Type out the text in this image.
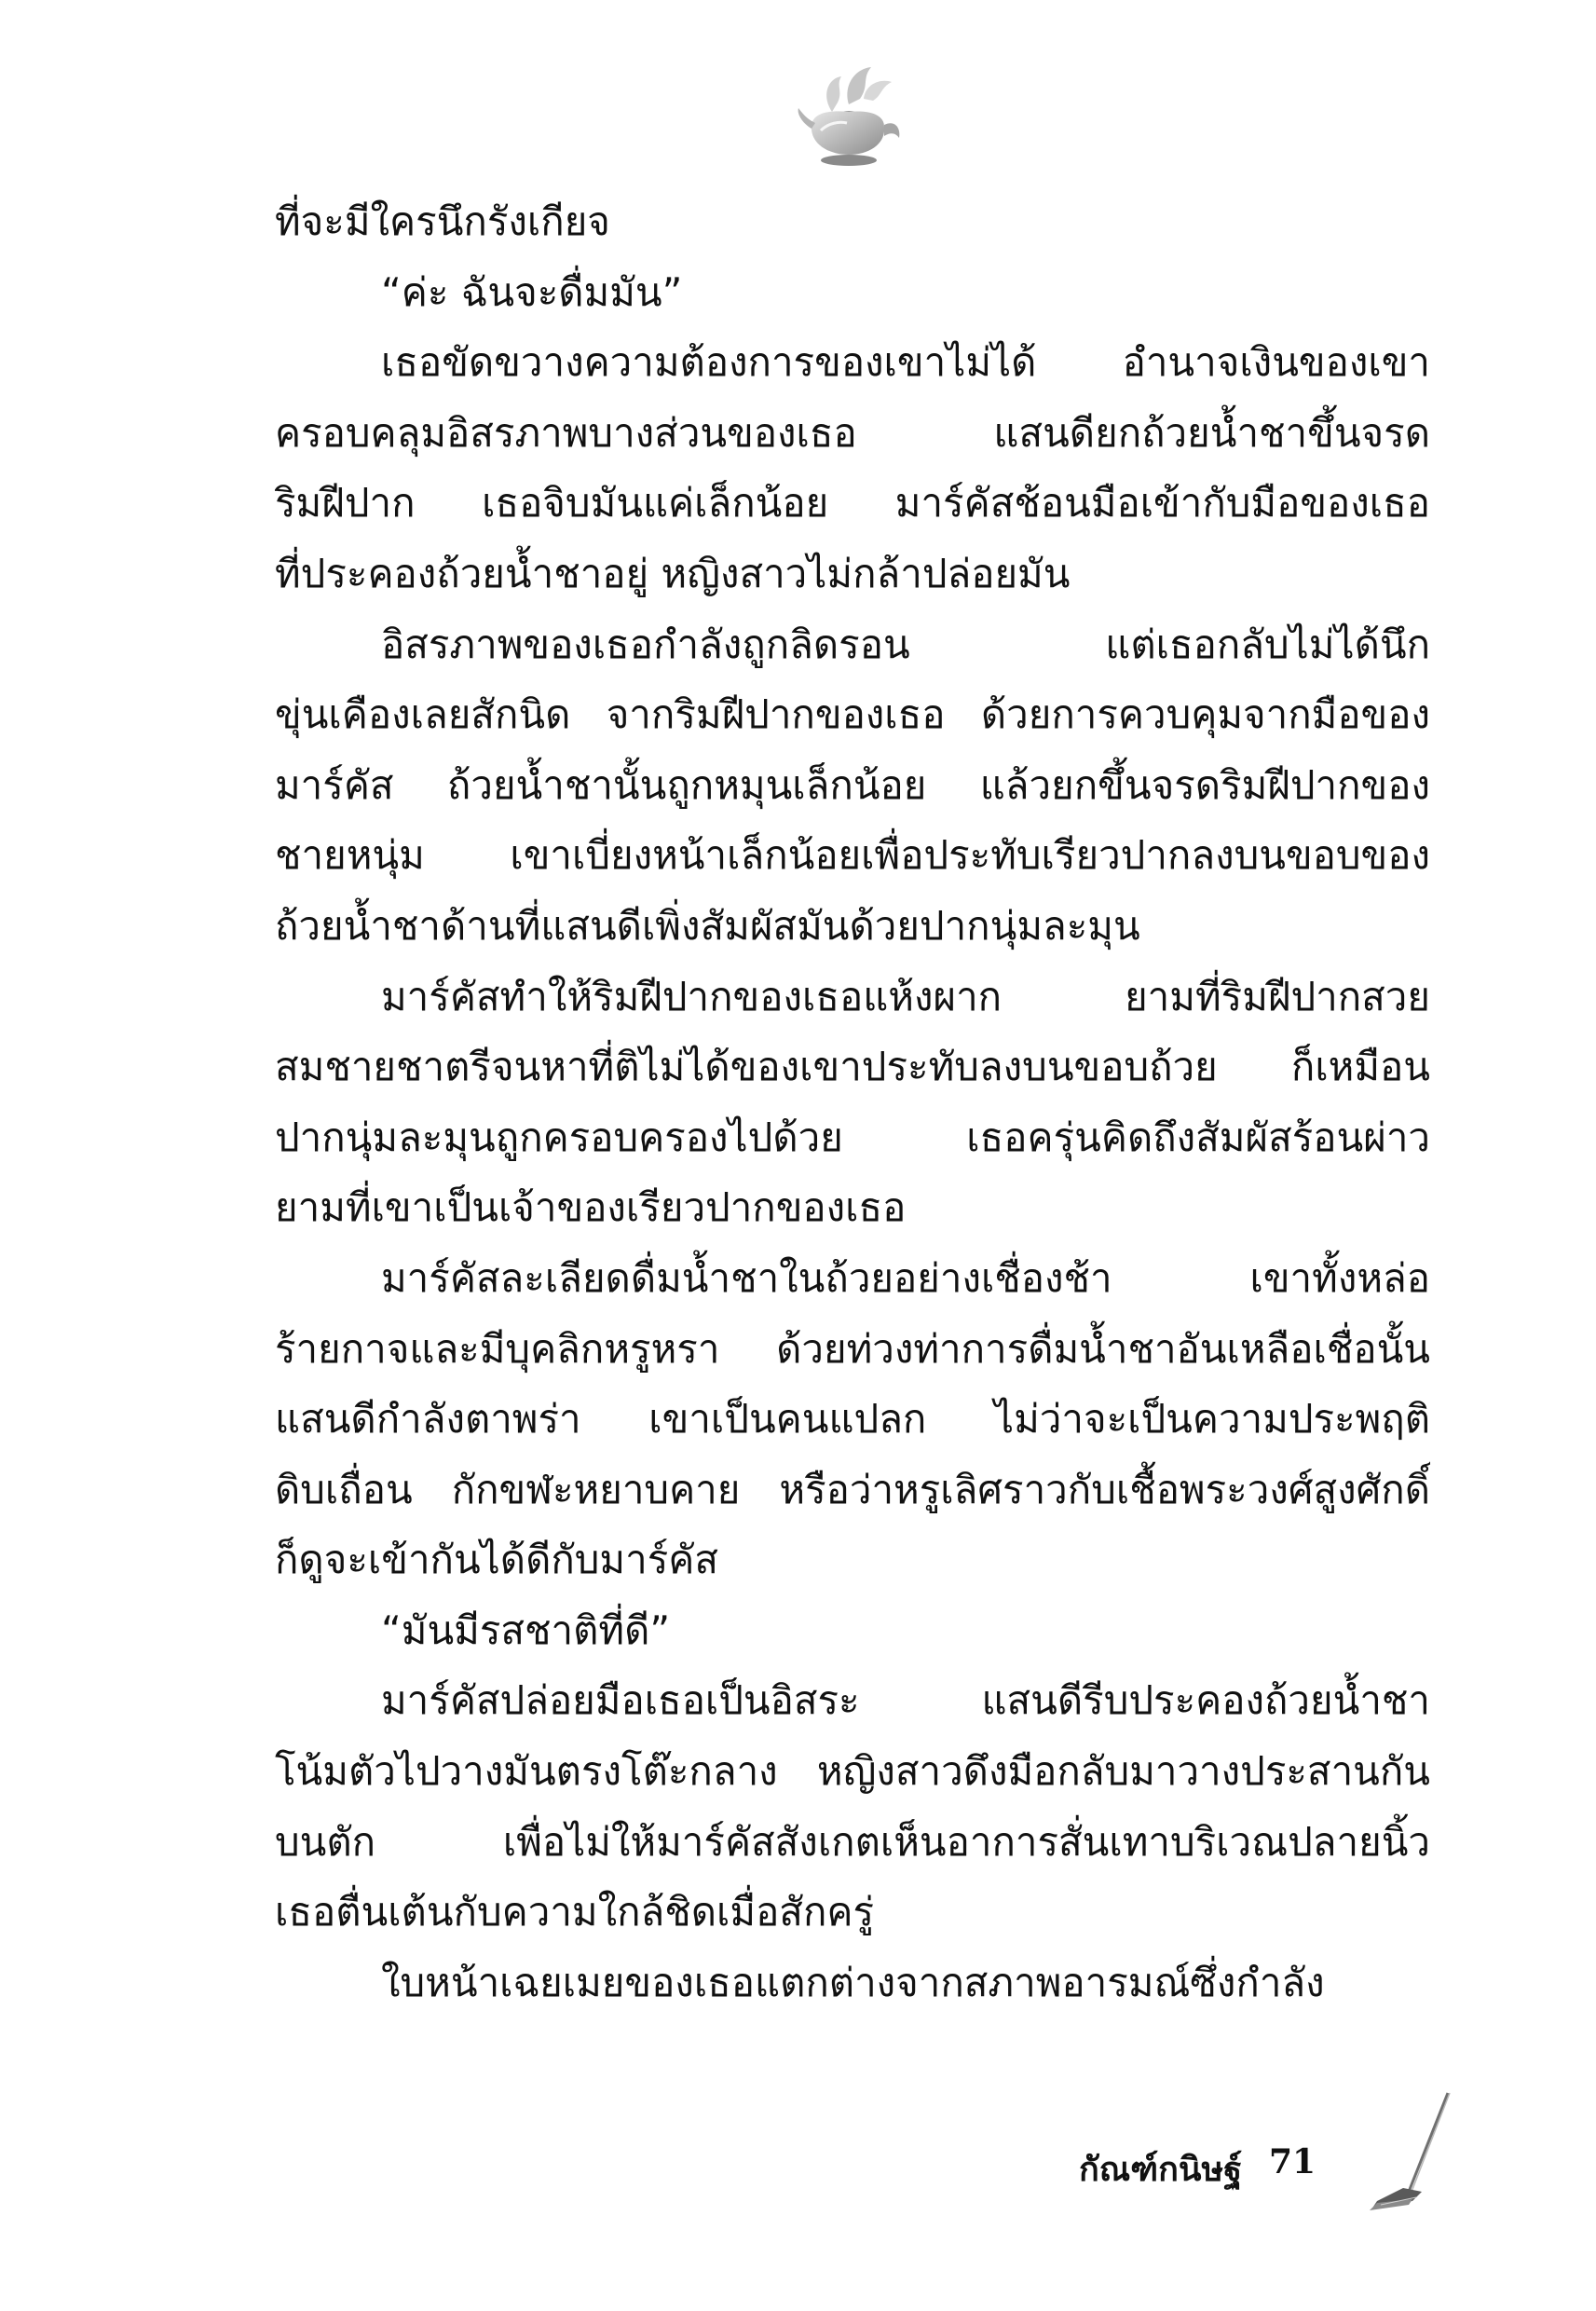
ที่จะมีใครนึกรังเกียจ
“ค่ะ ฉันจะดื่มมัน”
เธอขัดขวางความต้องการของเขาไม่ได้ อำนาจเงินของเขา
ครอบคลุมอิสรภาพบางส่วนของเธอ แสนดียกถ้วยน้ำชาขึ้นจรด
ริมฝีปาก เธอจิบมันแค่เล็กน้อย มาร์คัสช้อนมือเข้ากับมือของเธอ
ที่ประคองถ้วยน้ำชาอยู่ หญิงสาวไม่กล้าปล่อยมัน
อิสรภาพของเธอกำลังถูกลิดรอน แต่เธอกลับไม่ได้นึก
ขุ่นเคืองเลยสักนิด จากริมฝีปากของเธอ ด้วยการควบคุมจากมือของ
มาร์คัส ถ้วยน้ำชานั้นถูกหมุนเล็กน้อย แล้วยกขึ้นจรดริมฝีปากของ
ชายหนุ่ม เขาเบี่ยงหน้าเล็กน้อยเพื่อประทับเรียวปากลงบนขอบของ
ถ้วยน้ำชาด้านที่แสนดีเพิ่งสัมผัสมันด้วยปากนุ่มละมุน
มาร์คัสทำให้ริมฝีปากของเธอแห้งผาก ยามที่ริมฝีปากสวย
สมชายชาตรีจนหาที่ติไม่ได้ของเขาประทับลงบนขอบถ้วย ก็เหมือน
ปากนุ่มละมุนถูกครอบครองไปด้วย เธอครุ่นคิดถึงสัมผัสร้อนผ่าว
ยามที่เขาเป็นเจ้าของเรียวปากของเธอ
มาร์คัสละเลียดดื่มน้ำชาในถ้วยอย่างเชื่องช้า เขาทั้งหล่อ
ร้ายกาจและมีบุคลิกหรูหรา ด้วยท่วงท่าการดื่มน้ำชาอันเหลือเชื่อนั้น
แสนดีกำลังตาพร่า เขาเป็นคนแปลก ไม่ว่าจะเป็นความประพฤติ
ดิบเถื่อน กักขฬะหยาบคาย หรือว่าหรูเลิศราวกับเชื้อพระวงศ์สูงศักดิ์
ก็ดูจะเข้ากันได้ดีกับมาร์คัส
“มันมีรสชาติที่ดี”
มาร์คัสปล่อยมือเธอเป็นอิสระ แสนดีรีบประคองถ้วยน้ำชา
โน้มตัวไปวางมันตรงโต๊ะกลาง หญิงสาวดึงมือกลับมาวางประสานกัน
บนตัก เพื่อไม่ให้มาร์คัสสังเกตเห็นอาการสั่นเทาบริเวณปลายนิ้ว
เธอตื่นเต้นกับความใกล้ชิดเมื่อสักครู่
ใบหน้าเฉยเมยของเธอแตกต่างจากสภาพอารมณ์ซึ่งกำลัง
กัณฑ์กนิษฐ์ 71
